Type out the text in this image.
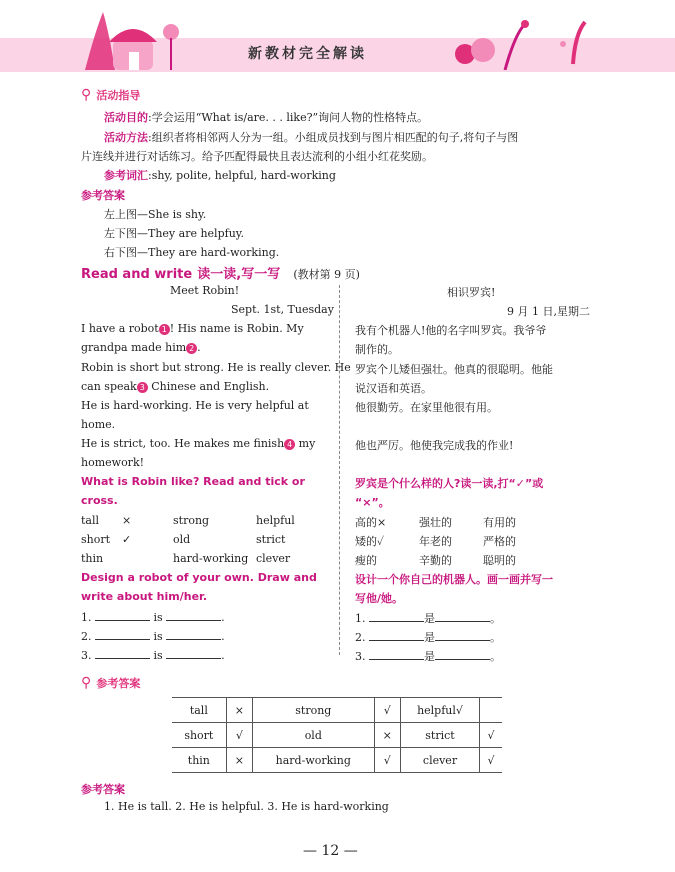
新教材完全解读
⚲ 活动指导
活动目的:学会运用“What is/are. . . like?”询问人物的性格特点。
活动方法:组织者将相邻两人分为一组。小组成员找到与图片相匹配的句子,将句子与图
片连线并进行对话练习。给予匹配得最快且表达流利的小组小红花奖励。
参考词汇:shy, polite, helpful, hard-working
参考答案
左上图—She is shy.
左下图—They are helpfuy.
右下图—They are hard-working.
Read and write 读一读,写一写 (教材第 9 页)
Meet Robin!
Sept. 1st, Tuesday
I have a robot 1 ! His name is Robin. My
grandpa made him 2 .
Robin is short but strong. He is really clever. He
can speak 3 Chinese and English.
He is hard-working. He is very helpful at
home.
He is strict, too. He makes me finish 4 my
homework!
What is Robin like? Read and tick or
cross.
tall ×	strong	helpful
short ✓	old	strict
thin	hard-working clever
Design a robot of your own. Draw and
write about him/her.
1.	is	.
2.	is	.
3.	is	.
相识罗宾!
9 月 1 日,星期二
我有个机器人!他的名字叫罗宾。我爷爷
制作的。
罗宾个儿矮但强壮。他真的很聪明。他能
说汉语和英语。
他很勤劳。在家里他很有用。
他也严厉。他使我完成我的作业!
罗宾是个什么样的人?读一读,打“✓”或
“×”。
高的×	强壮的	有用的
矮的✓	年老的	严格的
瘦的	辛勤的	聪明的
设计一个你自己的机器人。画一画并写一
写他/她。
1.	是	。
2.	是	。
3.	是	。
⚲ 参考答案
tall	×	strong	√	helpful√	
short	√	old	×	strict	√
thin	×	hard-working	√	clever	√
参考答案
1. He is tall. 2. He is helpful. 3. He is hard-working
— 12 —
